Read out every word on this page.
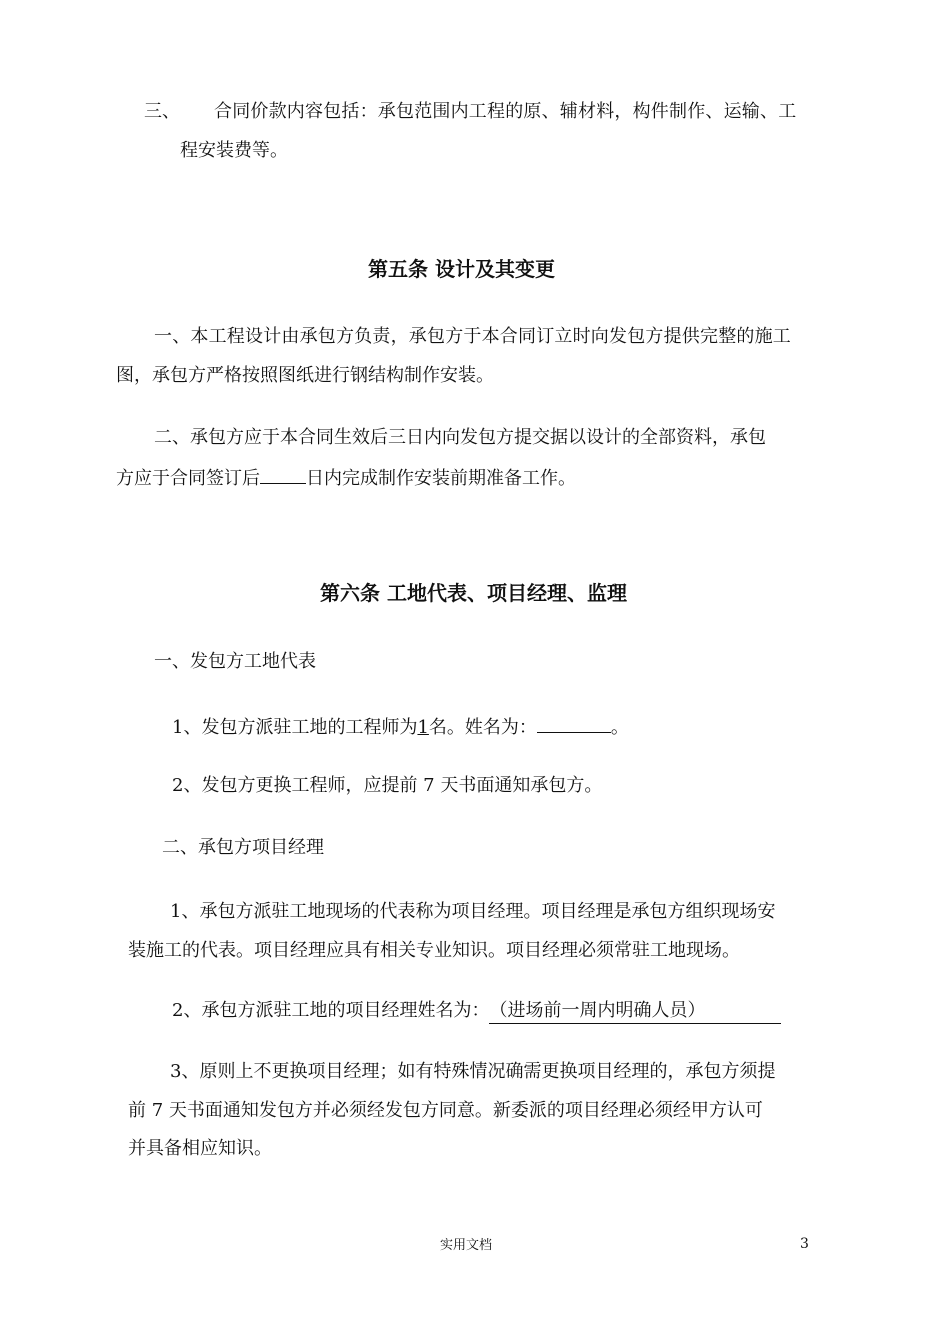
三、 合同价款内容包括：承包范围内工程的原、辅材料，构件制作、运输、工
程安装费等。
第五条 设计及其变更
一、本工程设计由承包方负责，承包方于本合同订立时向发包方提供完整的施工
图，承包方严格按照图纸进行钢结构制作安装。
二、承包方应于本合同生效后三日内向发包方提交据以设计的全部资料，承包
方应于合同签订后	日内完成制作安装前期准备工作。
第六条 工地代表、项目经理、监理
一、发包方工地代表
1、发包方派驻工地的工程师为1名。姓名为：	。
2、发包方更换工程师，应提前 7 天书面通知承包方。
二、承包方项目经理
1、承包方派驻工地现场的代表称为项目经理。项目经理是承包方组织现场安
装施工的代表。项目经理应具有相关专业知识。项目经理必须常驻工地现场。
2、承包方派驻工地的项目经理姓名为：（进场前一周内明确人员）
3、原则上不更换项目经理；如有特殊情况确需更换项目经理的，承包方须提
前 7 天书面通知发包方并必须经发包方同意。新委派的项目经理必须经甲方认可
并具备相应知识。
实用文档	3
